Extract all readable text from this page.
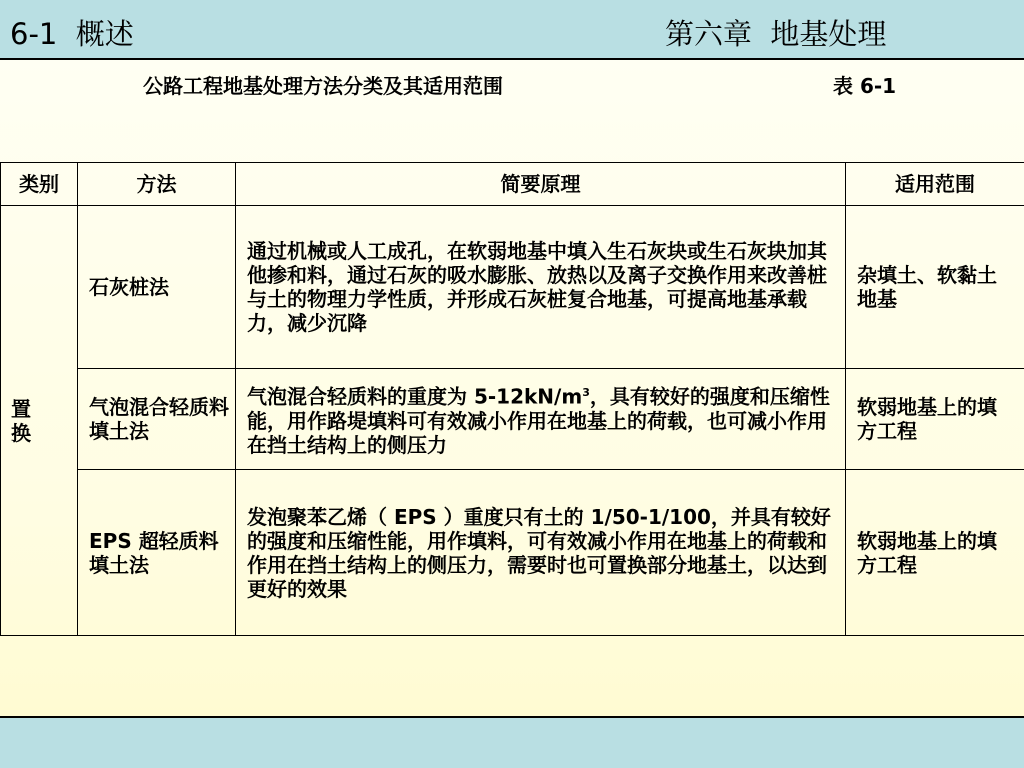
6-1  概述	第六章  地基处理
公路工程地基处理方法分类及其适用范围	表 6-1
类别	方法	简要原理	适用范围
置换	石灰桩法	通过机械或人工成孔，在软弱地基中填入生石灰块或生石灰块加其他掺和料，通过石灰的吸水膨胀、放热以及离子交换作用来改善桩与土的物理力学性质，并形成石灰桩复合地基，可提高地基承载力，减少沉降	杂填土、软黏土地基
	气泡混合轻质料填土法	气泡混合轻质料的重度为 $5-12kN/m^3$，具有较好的强度和压缩性能，用作路堤填料可有效减小作用在地基上的荷载，也可减小作用在挡土结构上的侧压力	软弱地基上的填方工程
	EPS 超轻质料填土法	发泡聚苯乙烯（ EPS ）重度只有土的 1/50-1/100，并具有较好的强度和压缩性能，用作填料，可有效减小作用在地基上的荷载和作用在挡土结构上的侧压力，需要时也可置换部分地基土，以达到更好的效果	软弱地基上的填方工程
